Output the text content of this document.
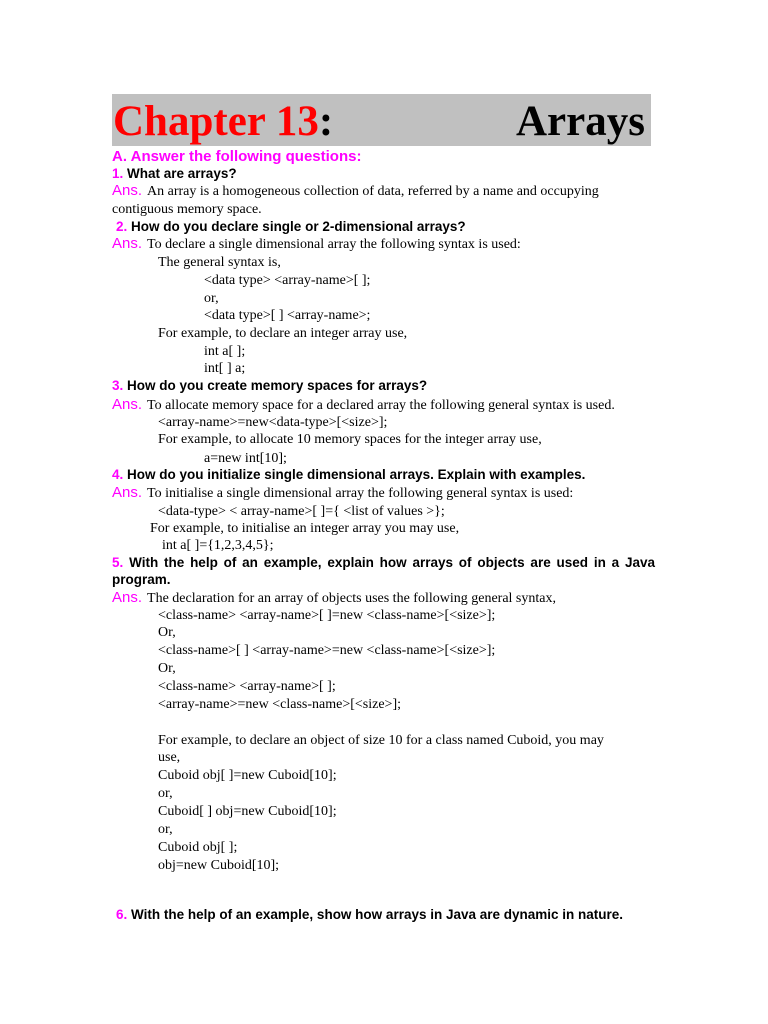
Chapter 13:	Arrays
A. Answer the following questions:
1. What are arrays?
Ans. An array is a homogeneous collection of data, referred by a name and occupying
contiguous memory space.
2. How do you declare single or 2-dimensional arrays?
Ans. To declare a single dimensional array the following syntax is used:
The general syntax is,
<data type> <array-name>[ ];
or,
<data type>[ ] <array-name>;
For example, to declare an integer array use,
int a[ ];
int[ ] a;
3. How do you create memory spaces for arrays?
Ans. To allocate memory space for a declared array the following general syntax is used.
<array-name>=new<data-type>[<size>];
For example, to allocate 10 memory spaces for the integer array use,
a=new int[10];
4. How do you initialize single dimensional arrays. Explain with examples.
Ans. To initialise a single dimensional array the following general syntax is used:
<data-type> < array-name>[ ]={ <list of values >};
For example, to initialise an integer array you may use,
int a[ ]={1,2,3,4,5};
5. With the help of an example, explain how arrays of objects are used in a Java
program.
Ans. The declaration for an array of objects uses the following general syntax,
<class-name> <array-name>[ ]=new <class-name>[<size>];
Or,
<class-name>[ ] <array-name>=new <class-name>[<size>];
Or,
<class-name> <array-name>[ ];
<array-name>=new <class-name>[<size>];
For example, to declare an object of size 10 for a class named Cuboid, you may
use,
Cuboid obj[ ]=new Cuboid[10];
or,
Cuboid[ ] obj=new Cuboid[10];
or,
Cuboid obj[ ];
obj=new Cuboid[10];
6. With the help of an example, show how arrays in Java are dynamic in nature.
